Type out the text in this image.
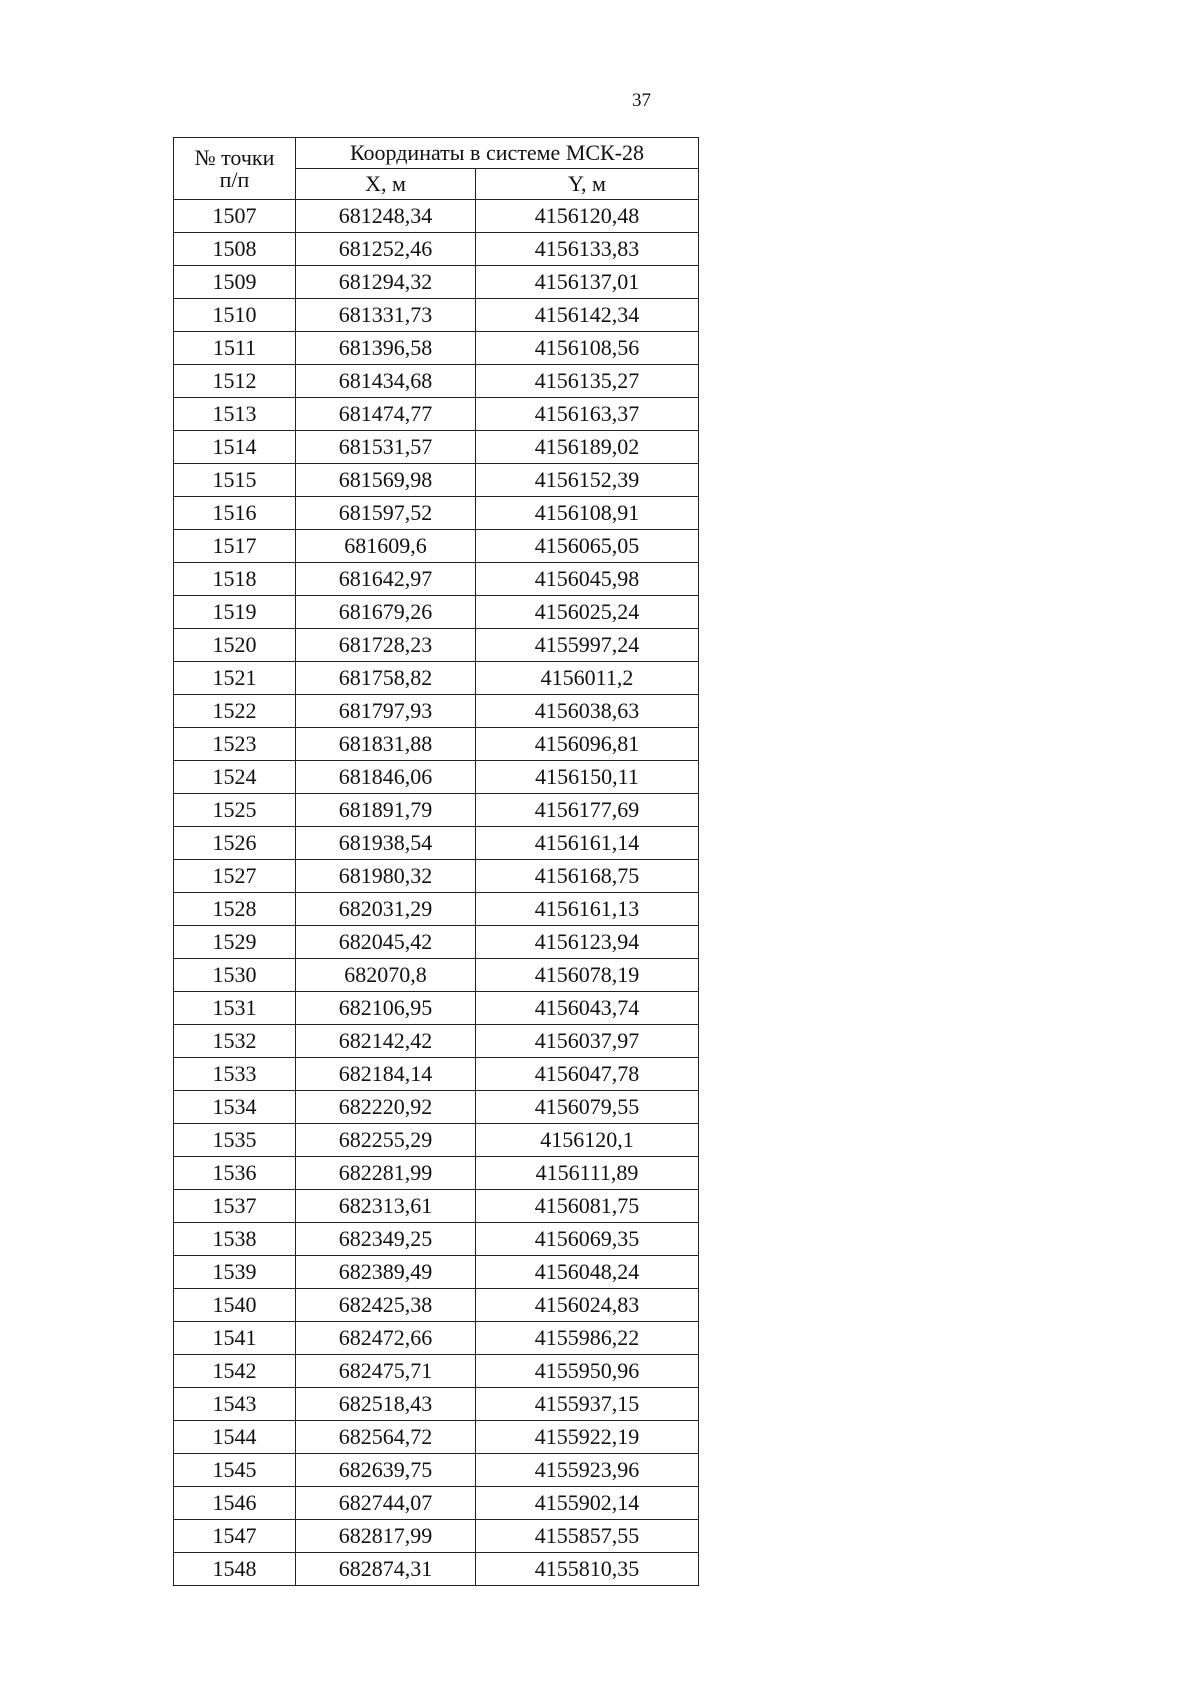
37
№ точки
п/п	Координаты в системе МСК-28	
	X, м	Y, м
1507	681248,34	4156120,48
1508	681252,46	4156133,83
1509	681294,32	4156137,01
1510	681331,73	4156142,34
1511	681396,58	4156108,56
1512	681434,68	4156135,27
1513	681474,77	4156163,37
1514	681531,57	4156189,02
1515	681569,98	4156152,39
1516	681597,52	4156108,91
1517	681609,6	4156065,05
1518	681642,97	4156045,98
1519	681679,26	4156025,24
1520	681728,23	4155997,24
1521	681758,82	4156011,2
1522	681797,93	4156038,63
1523	681831,88	4156096,81
1524	681846,06	4156150,11
1525	681891,79	4156177,69
1526	681938,54	4156161,14
1527	681980,32	4156168,75
1528	682031,29	4156161,13
1529	682045,42	4156123,94
1530	682070,8	4156078,19
1531	682106,95	4156043,74
1532	682142,42	4156037,97
1533	682184,14	4156047,78
1534	682220,92	4156079,55
1535	682255,29	4156120,1
1536	682281,99	4156111,89
1537	682313,61	4156081,75
1538	682349,25	4156069,35
1539	682389,49	4156048,24
1540	682425,38	4156024,83
1541	682472,66	4155986,22
1542	682475,71	4155950,96
1543	682518,43	4155937,15
1544	682564,72	4155922,19
1545	682639,75	4155923,96
1546	682744,07	4155902,14
1547	682817,99	4155857,55
1548	682874,31	4155810,35
